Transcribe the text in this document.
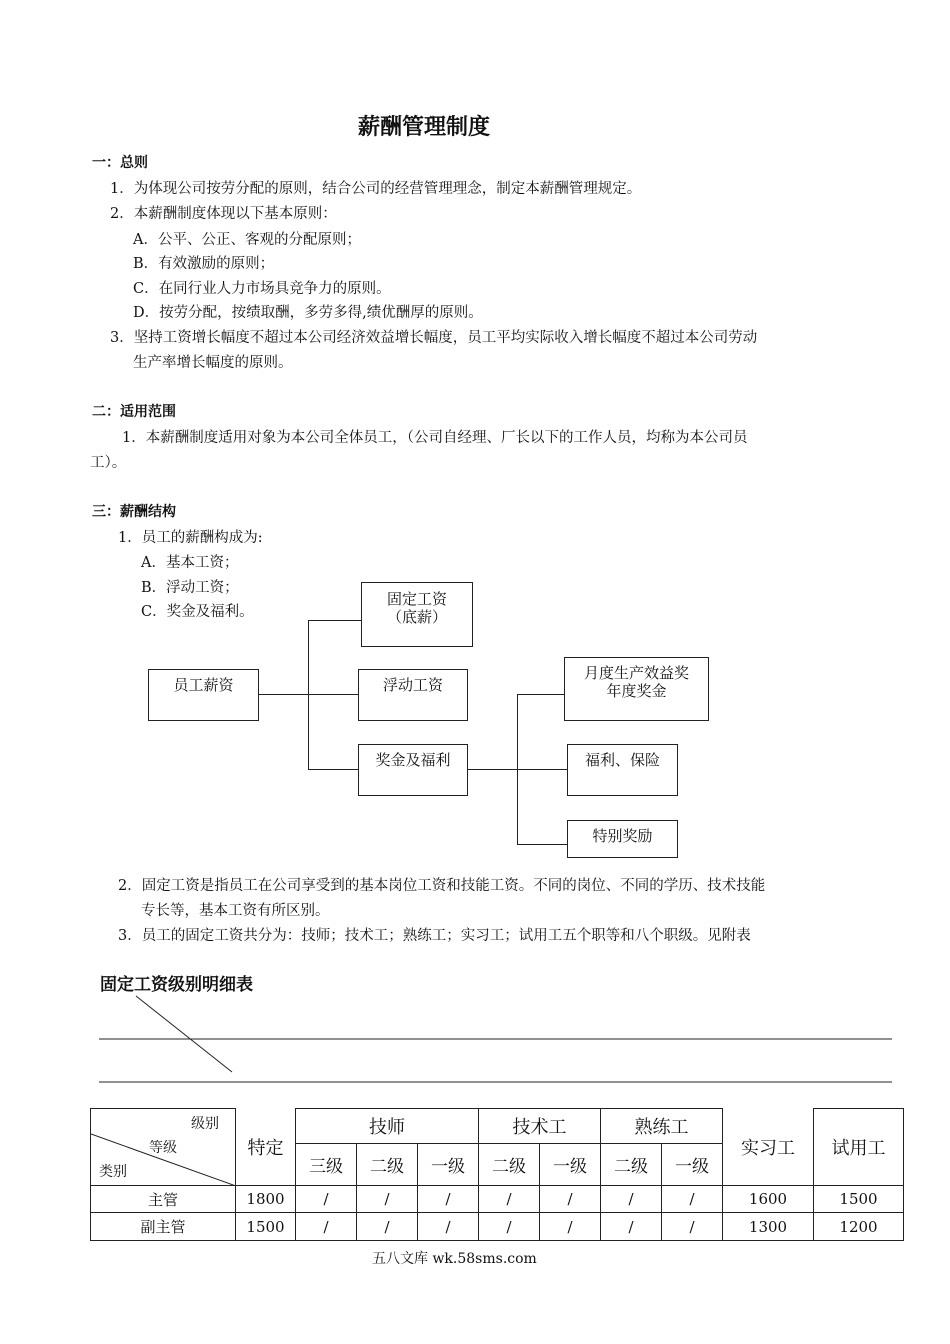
薪酬管理制度
一：总则
1．为体现公司按劳分配的原则，结合公司的经营管理理念，制定本薪酬管理规定。
2．本薪酬制度体现以下基本原则：
A．公平、公正、客观的分配原则；
B．有效激励的原则；
C．在同行业人力市场具竞争力的原则。
D．按劳分配，按绩取酬，多劳多得,绩优酬厚的原则。
3．坚持工资增长幅度不超过本公司经济效益增长幅度，员工平均实际收入增长幅度不超过本公司劳动
生产率增长幅度的原则。
二：适用范围
1．本薪酬制度适用对象为本公司全体员工，（公司自经理、厂长以下的工作人员，均称为本公司员
工）。
三：薪酬结构
1．员工的薪酬构成为:
A．基本工资；
B．浮动工资；
C．奖金及福利。
员工薪资
固定工资
（底薪）
浮动工资
奖金及福利
月度生产效益奖
年度奖金
福利、保险
特别奖励
2．固定工资是指员工在公司享受到的基本岗位工资和技能工资。不同的岗位、不同的学历、技术技能
专长等，基本工资有所区别。
3．员工的固定工资共分为：技师；技术工；熟练工；实习工；试用工五个职等和八个职级。见附表
固定工资级别明细表
级别
等级
类别	特定	技师			技术工		熟练工		实习工	试用工
		三级	二级	一级	二级	一级	二级	一级		
主管	1800	/	/	/	/	/	/	/	1600	1500
副主管	1500	/	/	/	/	/	/	/	1300	1200
五八文库 wk.58sms.com
